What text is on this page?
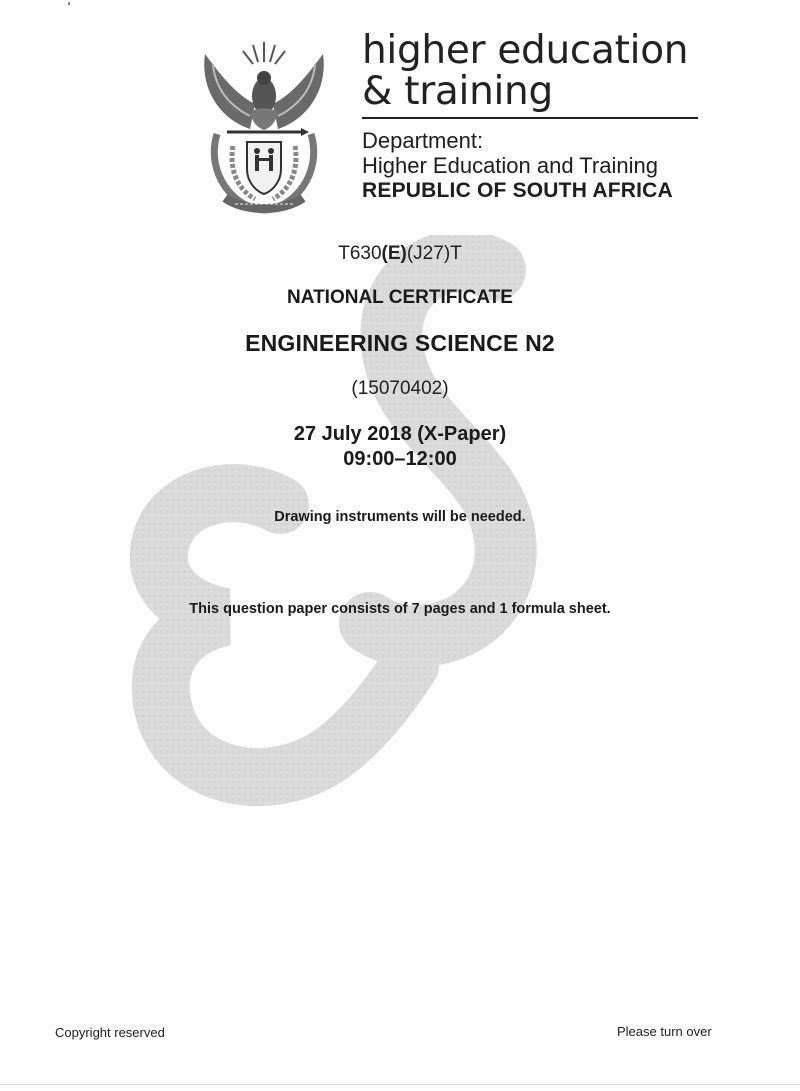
higher education
& training
Department:
Higher Education and Training
REPUBLIC OF SOUTH AFRICA
T630(E)(J27)T
NATIONAL CERTIFICATE
ENGINEERING SCIENCE N2
(15070402)
27 July 2018 (X-Paper)
09:00–12:00
Drawing instruments will be needed.
This question paper consists of 7 pages and 1 formula sheet.
Copyright reserved	Please turn over
